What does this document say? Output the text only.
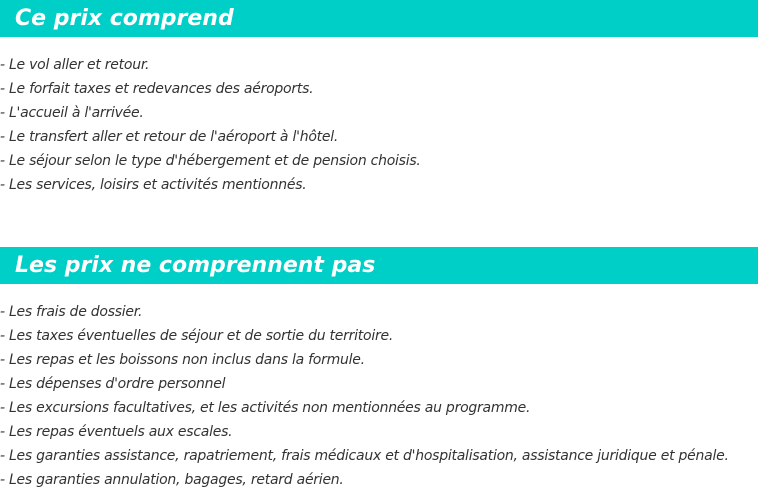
Ce prix comprend
- Le vol aller et retour.
- Le forfait taxes et redevances des aéroports.
- L'accueil à l'arrivée.
- Le transfert aller et retour de l'aéroport à l'hôtel.
- Le séjour selon le type d'hébergement et de pension choisis.
- Les services, loisirs et activités mentionnés.
Les prix ne comprennent pas
- Les frais de dossier.
- Les taxes éventuelles de séjour et de sortie du territoire.
- Les repas et les boissons non inclus dans la formule.
- Les dépenses d'ordre personnel
- Les excursions facultatives, et les activités non mentionnées au programme.
- Les repas éventuels aux escales.
- Les garanties assistance, rapatriement, frais médicaux et d'hospitalisation, assistance juridique et pénale.
- Les garanties annulation, bagages, retard aérien.
